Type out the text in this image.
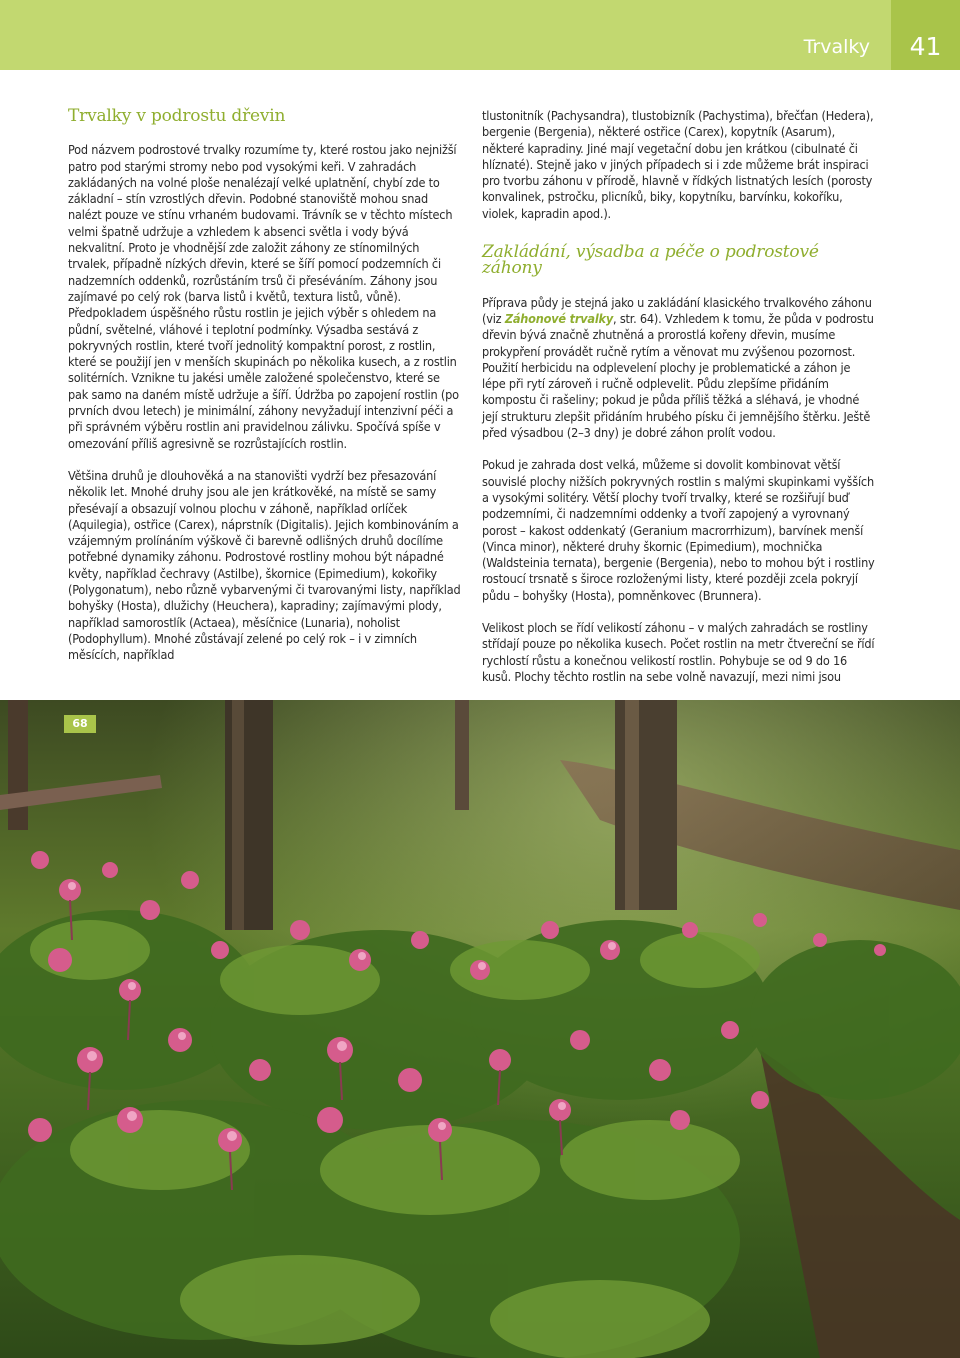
Trvalky	41
Trvalky v podrostu dřevin

Pod názvem podrostové trvalky rozumíme ty, které rostou jako nejnižší patro pod starými stromy nebo pod vysokými keři. V zahradách zakládaných na volné ploše nenalézají velké uplatnění, chybí zde to základní – stín vzrostlých dřevin. Podobné stanoviště mohou snad nalézt pouze ve stínu vrhaném budovami. Trávník se v těchto místech velmi špatně udržuje a vzhledem k absenci světla i vody bývá nekvalitní. Proto je vhodnější zde založit záhony ze stínomilných trvalek, případně nízkých dřevin, které se šíří pomocí podzemních či nadzemních oddenků, rozrůstáním trsů či přeséváním. Záhony jsou zajímavé po celý rok (barva listů i květů, textura listů, vůně). Předpokladem úspěšného růstu rostlin je jejich výběr s ohledem na půdní, světelné, vláhové i teplotní podmínky. Výsadba sestává z pokryvných rostlin, které tvoří jednolitý kompaktní porost, z rostlin, které se použijí jen v menších skupinách po několika kusech, a z rostlin solitérních. Vznikne tu jakési uměle založené společenstvo, které se pak samo na daném místě udržuje a šíří. Údržba po zapojení rostlin (po prvních dvou letech) je minimální, záhony nevyžadují intenzivní péči a při správném výběru rostlin ani pravidelnou zálivku. Spočívá spíše v omezování příliš agresivně se rozrůstajících rostlin.

Většina druhů je dlouhověká a na stanovišti vydrží bez přesazování několik let. Mnohé druhy jsou ale jen krátkověké, na místě se samy přesévají a obsazují volnou plochu v záhoně, například orlíček (Aquilegia), ostřice (Carex), náprstník (Digitalis). Jejich kombinováním a vzájemným prolínáním výškově či barevně odlišných druhů docílíme potřebné dynamiky záhonu. Podrostové rostliny mohou být nápadné květy, například čechravy (Astilbe), škornice (Epimedium), kokořiky (Polygonatum), nebo různě vybarvenými či tvarovanými listy, například bohyšky (Hosta), dlužichy (Heuchera), kapradiny; zajímavými plody, například samorostlík (Actaea), měsíčnice (Lunaria), noholist (Podophyllum). Mnohé zůstávají zelené po celý rok – i v zimních měsících, například

tlustonitník (Pachysandra), tlustobizník (Pachystima), břečťan (Hedera), bergenie (Bergenia), některé ostřice (Carex), kopytník (Asarum), některé kapradiny. Jiné mají vegetační dobu jen krátkou (cibulnaté či hlíznaté). Stejně jako v jiných případech si i zde můžeme brát inspiraci pro tvorbu záhonu v přírodě, hlavně v řídkých listnatých lesích (porosty konvalinek, pstročku, plicníků, biky, kopytníku, barvínku, kokoříku, violek, kapradin apod.).

Zakládání, výsadba a péče o podrostové záhony

Příprava půdy je stejná jako u zakládání klasického trvalkového záhonu (viz Záhonové trvalky, str. 64). Vzhledem k tomu, že půda v podrostu dřevin bývá značně zhutněná a prorostlá kořeny dřevin, musíme prokypření provádět ručně rytím a věnovat mu zvýšenou pozornost. Použití herbicidu na odplevelení plochy je problematické a záhon je lépe při rytí zároveň i ručně odplevelit. Půdu zlepšíme přidáním kompostu či rašeliny; pokud je půda příliš těžká a sléhavá, je vhodné její strukturu zlepšit přidáním hrubého písku či jemnějšího štěrku. Ještě před výsadbou (2–3 dny) je dobré záhon prolít vodou.

Pokud je zahrada dost velká, můžeme si dovolit kombinovat větší souvislé plochy nižších pokryvných rostlin s malými skupinkami vyšších a vysokými solitéry. Větší plochy tvoří trvalky, které se rozšiřují buď podzemními, či nadzemními oddenky a tvoří zapojený a vyrovnaný porost – kakost oddenkatý (Geranium macrorrhizum), barvínek menší (Vinca minor), některé druhy škornic (Epimedium), mochnička (Waldsteinia ternata), bergenie (Bergenia), nebo to mohou být i rostliny rostoucí trsnatě s široce rozloženými listy, které později zcela pokryjí půdu – bohyšky (Hosta), pomněnkovec (Brunnera).

Velikost ploch se řídí velikostí záhonu – v malých zahradách se rostliny střídají pouze po několika kusech. Počet rostlin na metr čtvereční se řídí rychlostí růstu a konečnou velikostí rostlin. Pohybuje se od 9 do 16 kusů. Plochy těchto rostlin na sebe volně navazují, mezi nimi jsou

68
